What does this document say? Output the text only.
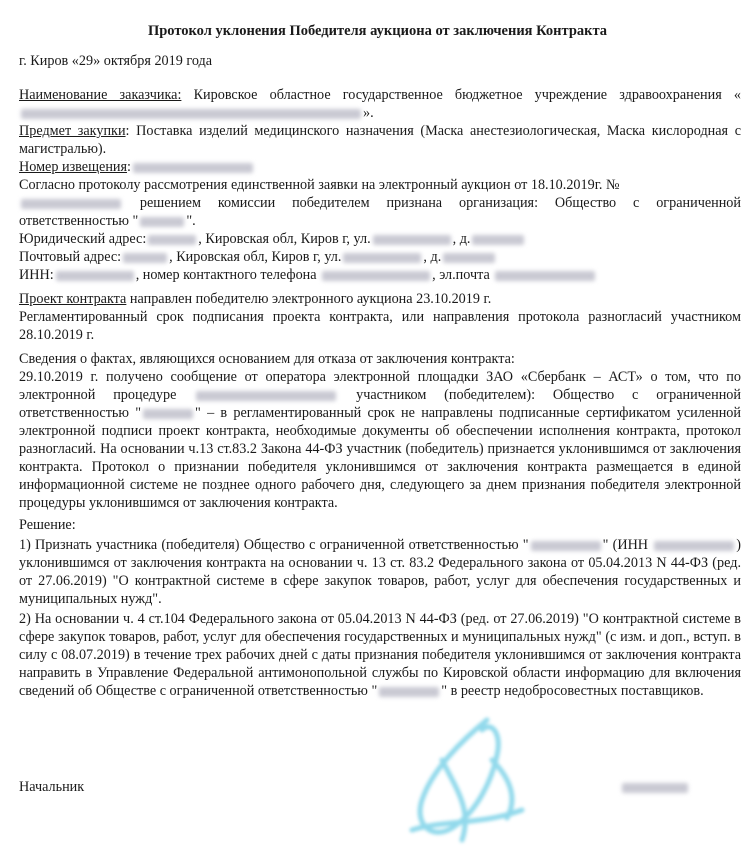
Протокол уклонения Победителя аукциона от заключения Контракта
г. Киров «29» октября 2019 года
Наименование заказчика: Кировское областное государственное бюджетное учреждение здравоохранения «».
Предмет закупки: Поставка изделий медицинского назначения (Маска анестезиологическая, Маска кислородная с магистралью).
Номер извещения:
Согласно протоколу рассмотрения единственной заявки на электронный аукцион от 18.10.2019г. №
решением комиссии победителем признана организация: Общество с ограниченной ответственностью "	".
Юридический адрес:	, Кировская обл, Киров г, ул.	, д.
Почтовый адрес:	, Кировская обл, Киров г, ул.	, д.
ИНН:	, номер контактного телефона	, эл.почта
Проект контракта направлен победителю электронного аукциона 23.10.2019 г.
Регламентированный срок подписания проекта контракта, или направления протокола разногласий участником 28.10.2019 г.
Сведения о фактах, являющихся основанием для отказа от заключения контракта:
29.10.2019 г. получено сообщение от оператора электронной площадки ЗАО «Сбербанк – АСТ» о том, что по электронной процедуре	участником (победителем): Общество с ограниченной ответственностью "	" – в регламентированный срок не направлены подписанные сертификатом усиленной электронной подписи проект контракта, необходимые документы об обеспечении исполнения контракта, протокол разногласий. На основании ч.13 ст.83.2 Закона 44-ФЗ участник (победитель) признается уклонившимся от заключения контракта. Протокол о признании победителя уклонившимся от заключения контракта размещается в единой информационной системе не позднее одного рабочего дня, следующего за днем признания победителя электронной процедуры уклонившимся от заключения контракта.
Решение:
1) Признать участника (победителя) Общество с ограниченной ответственностью "	" (ИНН	) уклонившимся от заключения контракта на основании ч. 13 ст. 83.2 Федерального закона от 05.04.2013 N 44-ФЗ (ред. от 27.06.2019) "О контрактной системе в сфере закупок товаров, работ, услуг для обеспечения государственных и муниципальных нужд".
2) На основании ч. 4 ст.104 Федерального закона от 05.04.2013 N 44-ФЗ (ред. от 27.06.2019) "О контрактной системе в сфере закупок товаров, работ, услуг для обеспечения государственных и муниципальных нужд" (с изм. и доп., вступ. в силу с 08.07.2019) в течение трех рабочих дней с даты признания победителя уклонившимся от заключения контракта направить в Управление Федеральной антимонопольной службы по Кировской области информацию для включения сведений об Обществе с ограниченной ответственностью "	" в реестр недобросовестных поставщиков.
Начальник
